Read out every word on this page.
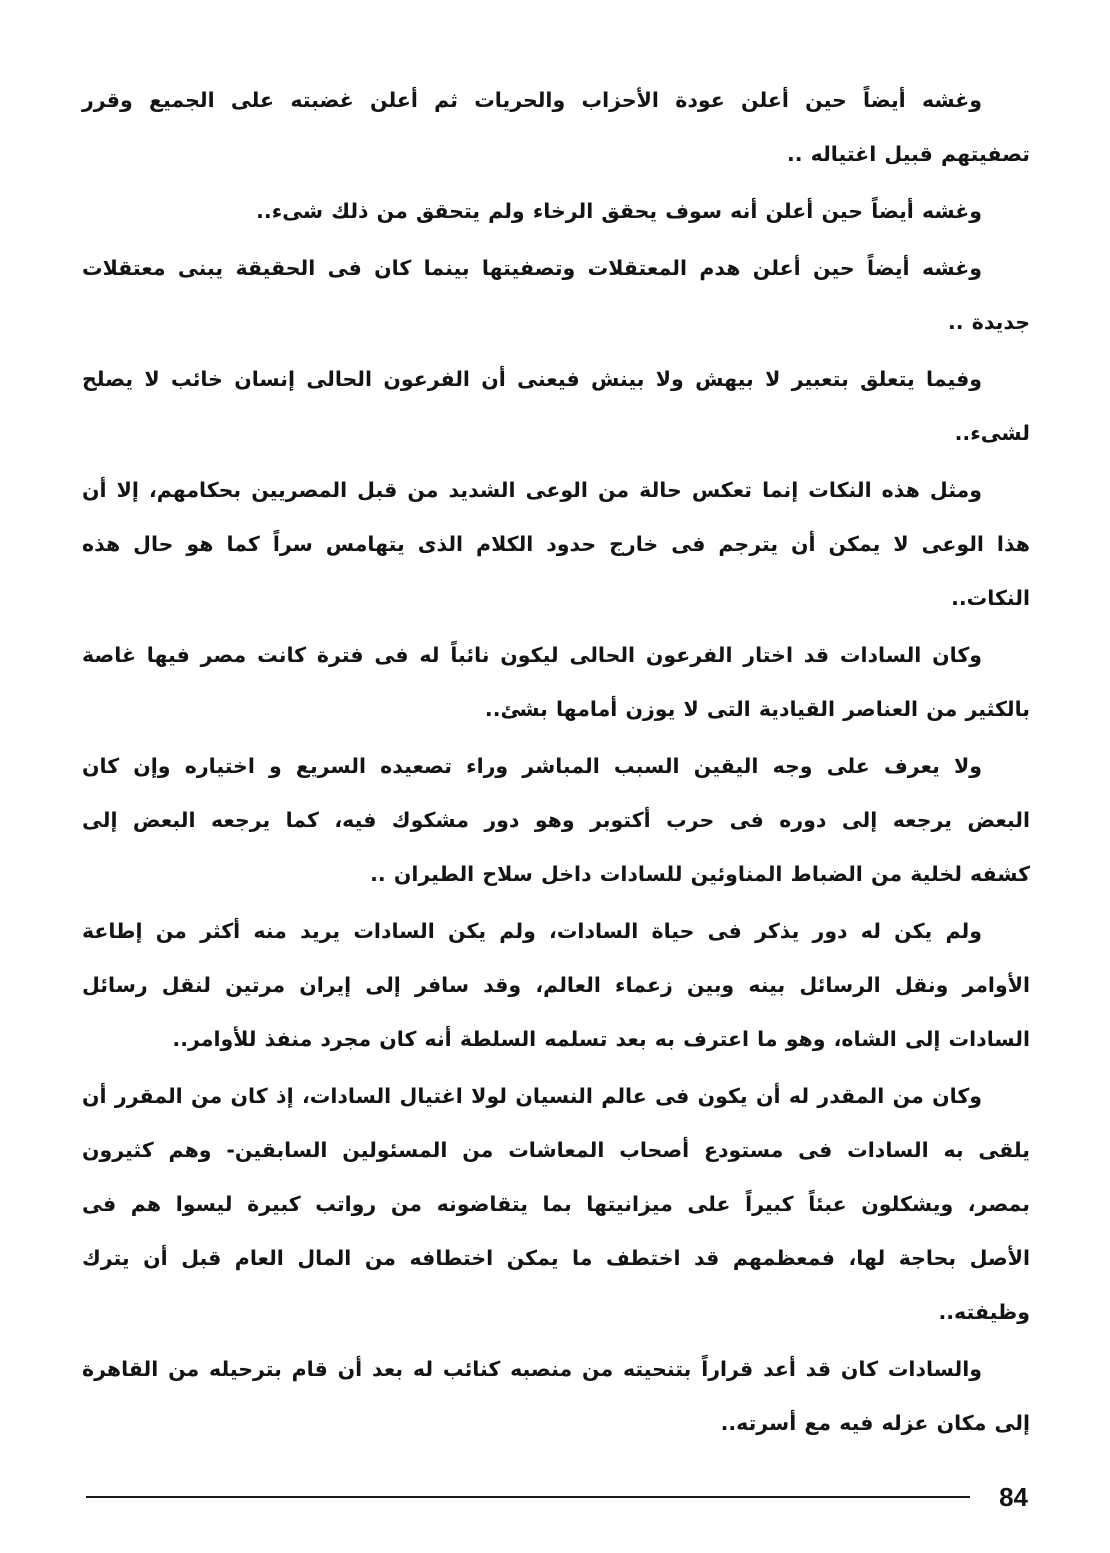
وغشه أيضاً حين أعلن عودة الأحزاب والحريات ثم أعلن غضبته على الجميع وقرر
تصفيتهم قبيل اغتياله ..
وغشه أيضاً حين أعلن أنه سوف يحقق الرخاء ولم يتحقق من ذلك شىء..
وغشه أيضاً حين أعلن هدم المعتقلات وتصفيتها بينما كان فى الحقيقة يبنى معتقلات
جديدة ..
وفيما يتعلق بتعبير لا بيهش ولا بينش فيعنى أن الفرعون الحالى إنسان خائب لا يصلح
لشىء..
ومثل هذه النكات إنما تعكس حالة من الوعى الشديد من قبل المصريين بحكامهم، إلا أن
هذا الوعى لا يمكن أن يترجم فى خارج حدود الكلام الذى يتهامس سراً كما هو حال هذه
النكات..
وكان السادات قد اختار الفرعون الحالى ليكون نائباً له فى فترة كانت مصر فيها غاصة
بالكثير من العناصر القيادية التى لا يوزن أمامها بشئ..
ولا يعرف على وجه اليقين السبب المباشر وراء تصعيده السريع و اختياره وإن كان
البعض يرجعه إلى دوره فى حرب أكتوبر وهو دور مشكوك فيه، كما يرجعه البعض إلى
كشفه لخلية من الضباط المناوئين للسادات داخل سلاح الطيران ..
ولم يكن له دور يذكر فى حياة السادات، ولم يكن السادات يريد منه أكثر من إطاعة
الأوامر ونقل الرسائل بينه وبين زعماء العالم، وقد سافر إلى إيران مرتين لنقل رسائل
السادات إلى الشاه، وهو ما اعترف به بعد تسلمه السلطة أنه كان مجرد منفذ للأوامر..
وكان من المقدر له أن يكون فى عالم النسيان لولا اغتيال السادات، إذ كان من المقرر أن
يلقى به السادات فى مستودع أصحاب المعاشات من المسئولين السابقين- وهم كثيرون
بمصر، ويشكلون عبئاً كبيراً على ميزانيتها بما يتقاضونه من رواتب كبيرة ليسوا هم فى
الأصل بحاجة لها، فمعظمهم قد اختطف ما يمكن اختطافه من المال العام قبل أن يترك
وظيفته..
والسادات كان قد أعد قراراً بتنحيته من منصبه كنائب له بعد أن قام بترحيله من القاهرة
إلى مكان عزله فيه مع أسرته..
84
